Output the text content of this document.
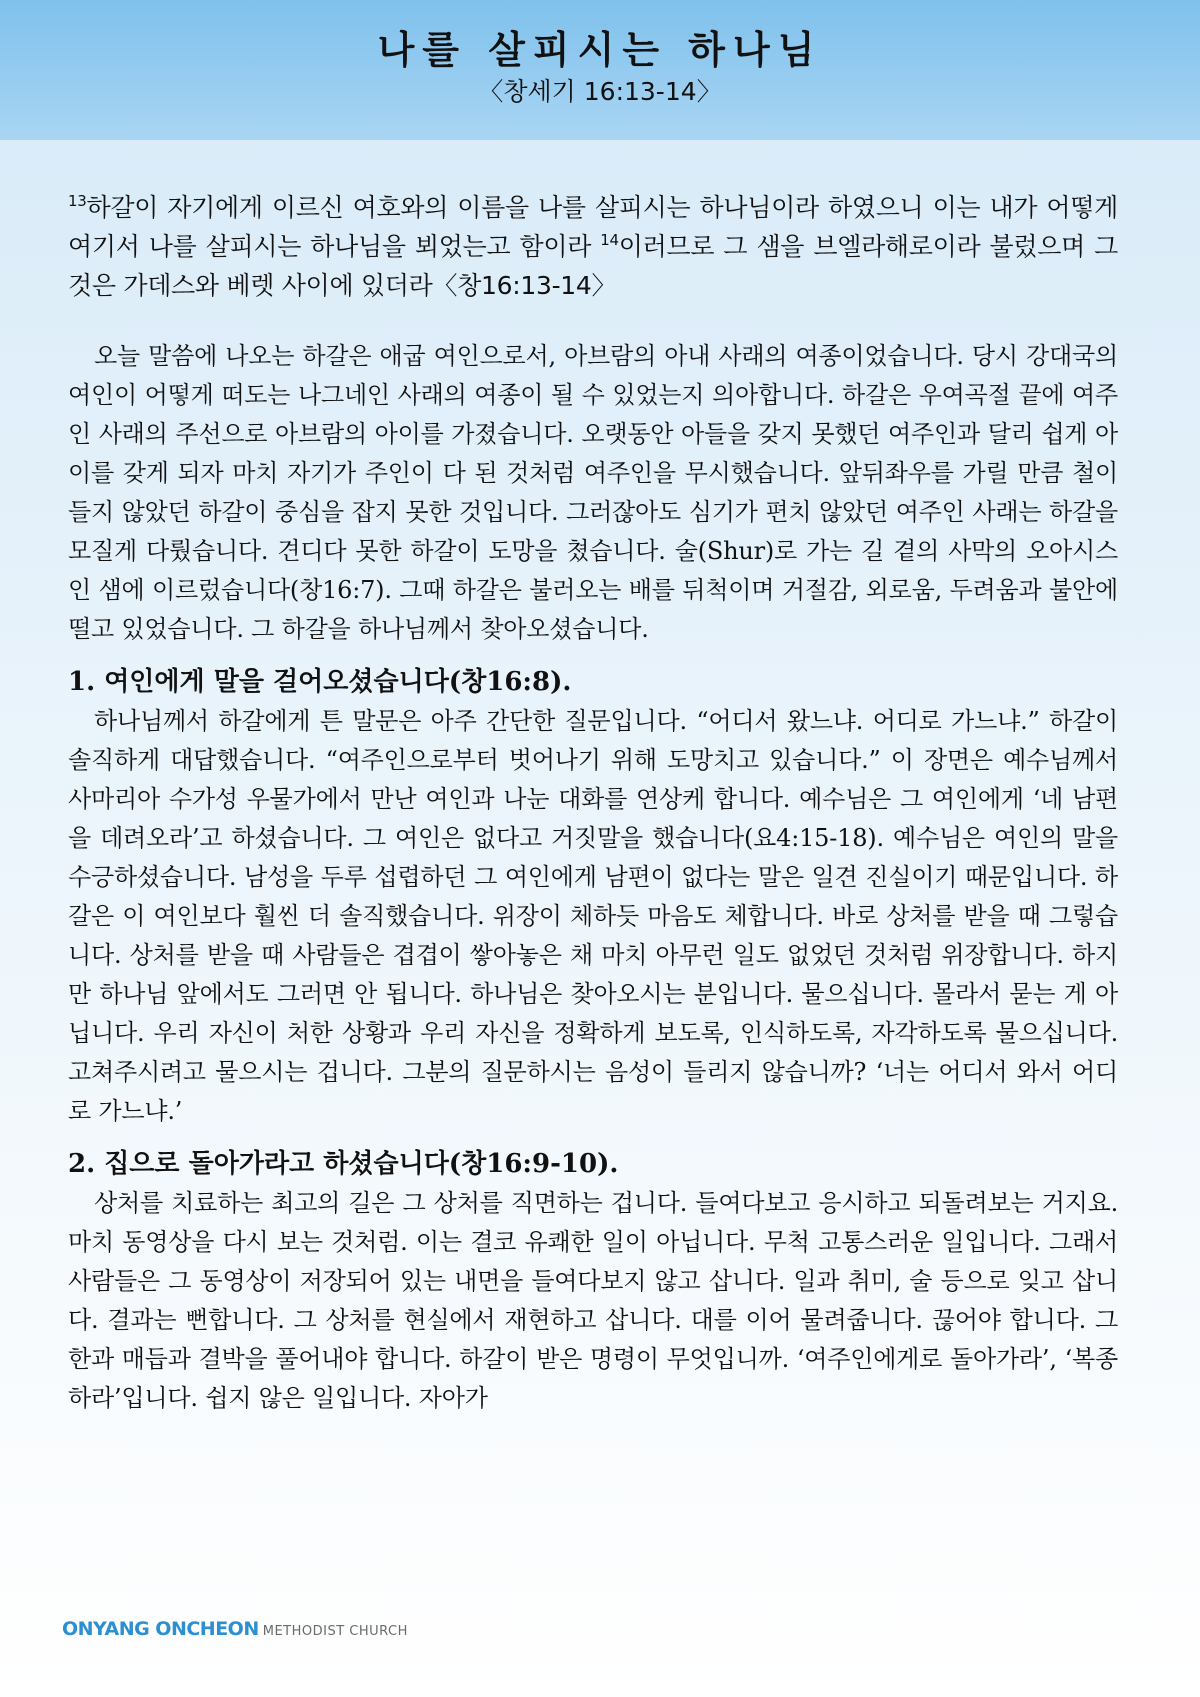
나를 살피시는 하나님
〈창세기 16:13-14〉

$^{13}$하갈이 자기에게 이르신 여호와의 이름을 나를 살피시는 하나님이라 하였으니 이는 내가 어떻게 여기서 나를 살피시는 하나님을 뵈었는고 함이라 $^{14}$이러므로 그 샘을 브엘라해로이라 불렀으며 그것은 가데스와 베렛 사이에 있더라〈창16:13-14〉

오늘 말씀에 나오는 하갈은 애굽 여인으로서, 아브람의 아내 사래의 여종이었습니다. 당시 강대국의 여인이 어떻게 떠도는 나그네인 사래의 여종이 될 수 있었는지 의아합니다. 하갈은 우여곡절 끝에 여주인 사래의 주선으로 아브람의 아이를 가졌습니다. 오랫동안 아들을 갖지 못했던 여주인과 달리 쉽게 아이를 갖게 되자 마치 자기가 주인이 다 된 것처럼 여주인을 무시했습니다. 앞뒤좌우를 가릴 만큼 철이 들지 않았던 하갈이 중심을 잡지 못한 것입니다. 그러잖아도 심기가 편치 않았던 여주인 사래는 하갈을 모질게 다뤘습니다. 견디다 못한 하갈이 도망을 쳤습니다. 술(Shur)로 가는 길 곁의 사막의 오아시스인 샘에 이르렀습니다(창16:7). 그때 하갈은 불러오는 배를 뒤척이며 거절감, 외로움, 두려움과 불안에 떨고 있었습니다. 그 하갈을 하나님께서 찾아오셨습니다.

1. 여인에게 말을 걸어오셨습니다(창16:8).

하나님께서 하갈에게 튼 말문은 아주 간단한 질문입니다. “어디서 왔느냐. 어디로 가느냐.” 하갈이 솔직하게 대답했습니다. “여주인으로부터 벗어나기 위해 도망치고 있습니다.” 이 장면은 예수님께서 사마리아 수가성 우물가에서 만난 여인과 나눈 대화를 연상케 합니다. 예수님은 그 여인에게 ‘네 남편을 데려오라’고 하셨습니다. 그 여인은 없다고 거짓말을 했습니다(요4:15-18). 예수님은 여인의 말을 수긍하셨습니다. 남성을 두루 섭렵하던 그 여인에게 남편이 없다는 말은 일견 진실이기 때문입니다. 하갈은 이 여인보다 훨씬 더 솔직했습니다. 위장이 체하듯 마음도 체합니다. 바로 상처를 받을 때 그렇습니다. 상처를 받을 때 사람들은 겹겹이 쌓아놓은 채 마치 아무런 일도 없었던 것처럼 위장합니다. 하지만 하나님 앞에서도 그러면 안 됩니다. 하나님은 찾아오시는 분입니다. 물으십니다. 몰라서 묻는 게 아닙니다. 우리 자신이 처한 상황과 우리 자신을 정확하게 보도록, 인식하도록, 자각하도록 물으십니다. 고쳐주시려고 물으시는 겁니다. 그분의 질문하시는 음성이 들리지 않습니까? ‘너는 어디서 와서 어디로 가느냐.’

2. 집으로 돌아가라고 하셨습니다(창16:9-10).

상처를 치료하는 최고의 길은 그 상처를 직면하는 겁니다. 들여다보고 응시하고 되돌려보는 거지요. 마치 동영상을 다시 보는 것처럼. 이는 결코 유쾌한 일이 아닙니다. 무척 고통스러운 일입니다. 그래서 사람들은 그 동영상이 저장되어 있는 내면을 들여다보지 않고 삽니다. 일과 취미, 술 등으로 잊고 삽니다. 결과는 뻔합니다. 그 상처를 현실에서 재현하고 삽니다. 대를 이어 물려줍니다. 끊어야 합니다. 그 한과 매듭과 결박을 풀어내야 합니다. 하갈이 받은 명령이 무엇입니까. ‘여주인에게로 돌아가라’, ‘복종하라’입니다. 쉽지 않은 일입니다. 자아가

ONYANG ONCHEON METHODIST CHURCH
